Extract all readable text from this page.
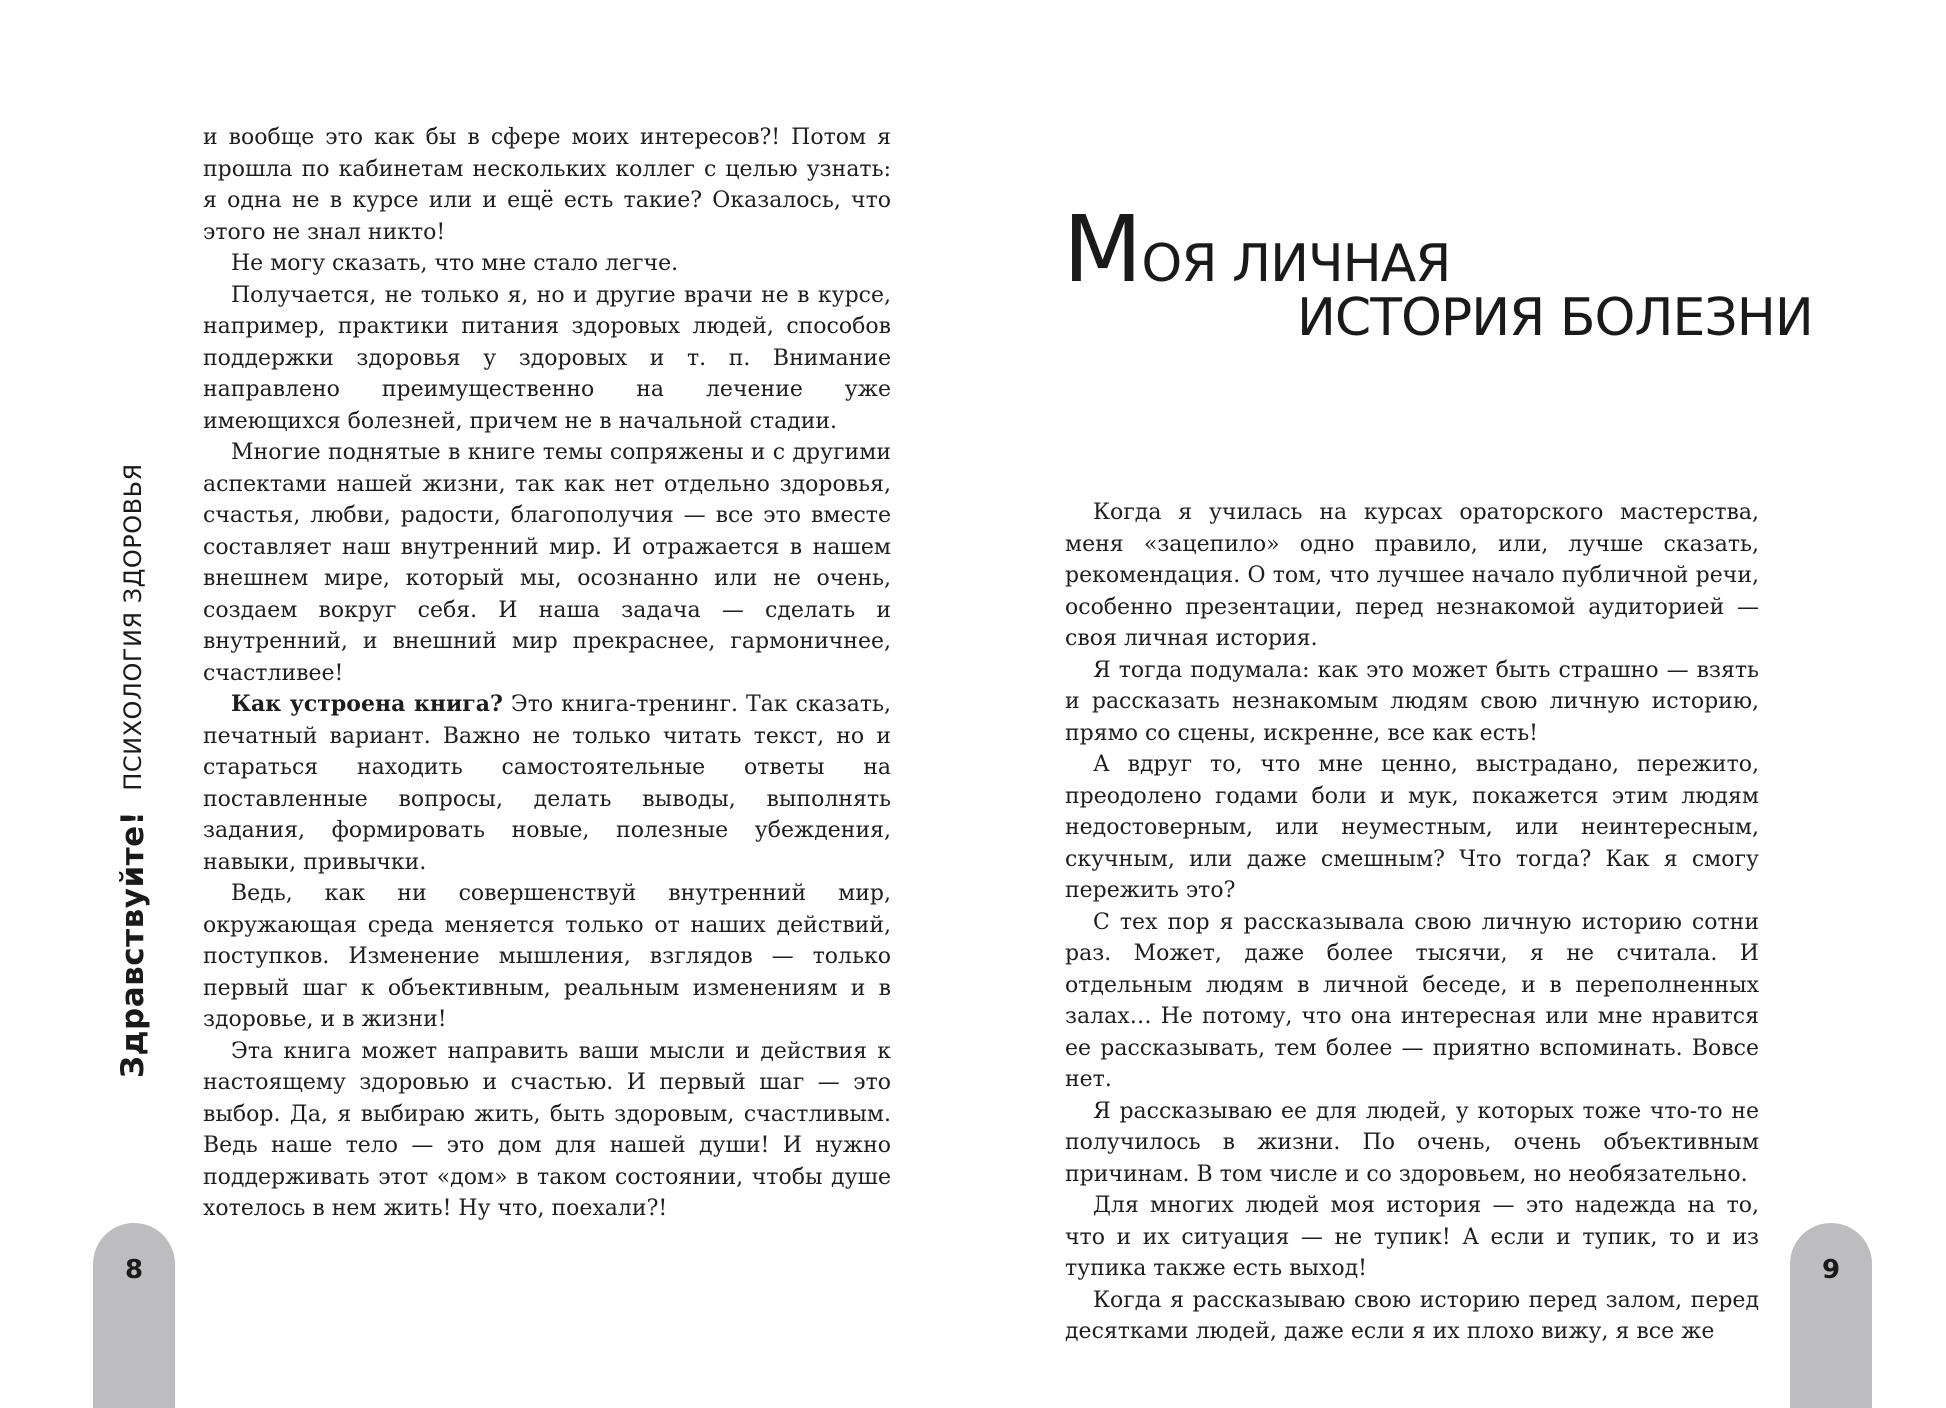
Здравствуйте!
ПСИХОЛОГИЯ ЗДОРОВЬЯ

и вообще это как бы в сфере моих интересов?! Потом я прошла по кабинетам нескольких коллег с целью узнать: я одна не в курсе или и ещё есть такие? Оказалось, что этого не знал никто!

Не могу сказать, что мне стало легче.

Получается, не только я, но и другие врачи не в курсе, например, практики питания здоровых людей, способов поддержки здоровья у здоровых и т. п. Внимание направлено преимущественно на лечение уже имеющихся болезней, причем не в начальной стадии.

Многие поднятые в книге темы сопряжены и с другими аспектами нашей жизни, так как нет отдельно здоровья, счастья, любви, радости, благополучия — все это вместе составляет наш внутренний мир. И отражается в нашем внешнем мире, который мы, осознанно или не очень, создаем вокруг себя. И наша задача — сделать и внутренний, и внешний мир прекраснее, гармоничнее, счастливее!

Как устроена книга? Это книга-тренинг. Так сказать, печатный вариант. Важно не только читать текст, но и стараться находить самостоятельные ответы на поставленные вопросы, делать выводы, выполнять задания, формировать новые, полезные убеждения, навыки, привычки.

Ведь, как ни совершенствуй внутренний мир, окружающая среда меняется только от наших действий, поступков. Изменение мышления, взглядов — только первый шаг к объективным, реальным изменениям и в здоровье, и в жизни!

Эта книга может направить ваши мысли и действия к настоящему здоровью и счастью. И первый шаг — это выбор. Да, я выбираю жить, быть здоровым, счастливым. Ведь наше тело — это дом для нашей души! И нужно поддерживать этот «дом» в таком состоянии, чтобы душе хотелось в нем жить! Ну что, поехали?!

8
МОЯ ЛИЧНАЯ
ИСТОРИЯ БОЛЕЗНИ

Когда я училась на курсах ораторского мастерства, меня «зацепило» одно правило, или, лучше сказать, рекомендация. О том, что лучшее начало публичной речи, особенно презентации, перед незнакомой аудиторией — своя личная история.

Я тогда подумала: как это может быть страшно — взять и рассказать незнакомым людям свою личную историю, прямо со сцены, искренне, все как есть!

А вдруг то, что мне ценно, выстрадано, пережито, преодолено годами боли и мук, покажется этим людям недостоверным, или неуместным, или неинтересным, скучным, или даже смешным? Что тогда? Как я смогу пережить это?

С тех пор я рассказывала свою личную историю сотни раз. Может, даже более тысячи, я не считала. И отдельным людям в личной беседе, и в переполненных залах… Не потому, что она интересная или мне нравится ее рассказывать, тем более — приятно вспоминать. Вовсе нет.

Я рассказываю ее для людей, у которых тоже что-то не получилось в жизни. По очень, очень объективным причинам. В том числе и со здоровьем, но необязательно.

Для многих людей моя история — это надежда на то, что и их ситуация — не тупик! А если и тупик, то и из тупика также есть выход!

Когда я рассказываю свою историю перед залом, перед десятками людей, даже если я их плохо вижу, я все же

9
